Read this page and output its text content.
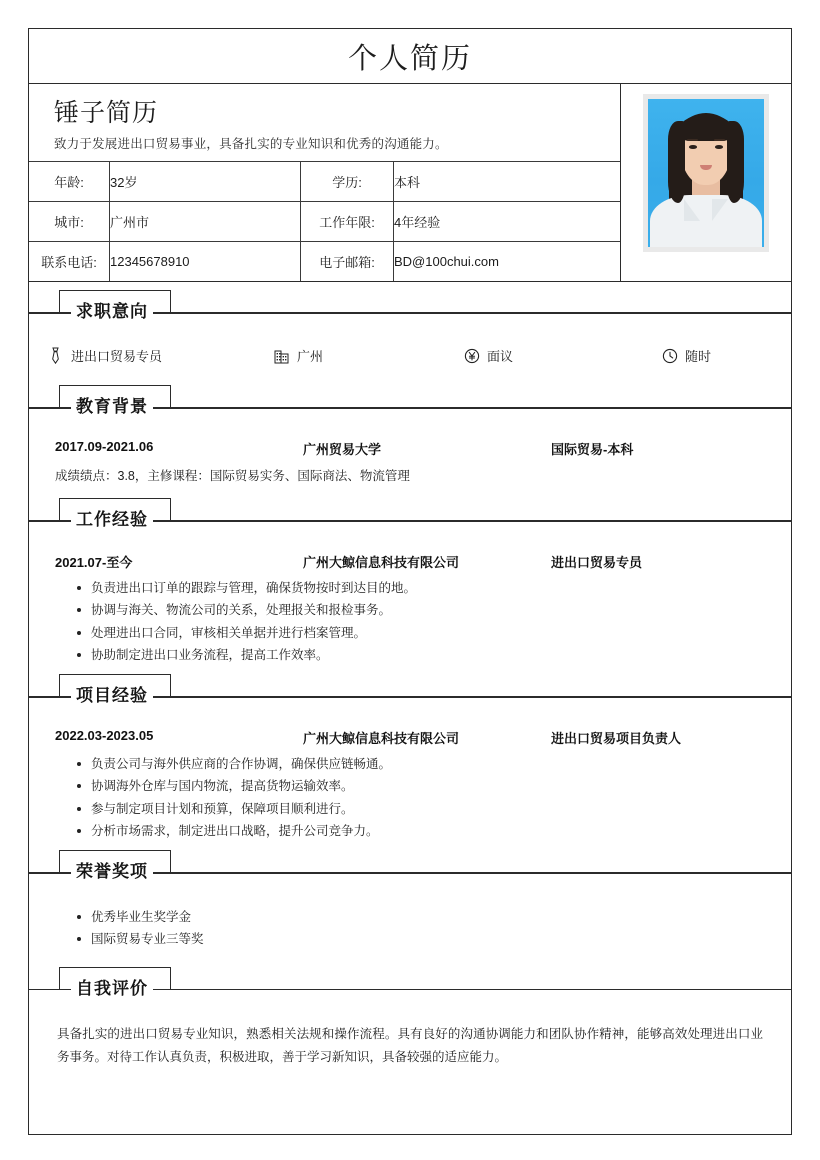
个人简历
锤子简历
致力于发展进出口贸易事业，具备扎实的专业知识和优秀的沟通能力。
年龄:	32岁	学历:	本科
城市:	广州市	工作年限:	4年经验
联系电话:	12345678910	电子邮箱:	BD@100chui.com
求职意向
进出口贸易专员	广州	面议	随时
教育背景
2017.09-2021.06	广州贸易大学	国际贸易-本科
成绩绩点：3.8，主修课程：国际贸易实务、国际商法、物流管理
工作经验
2021.07-至今	广州大鲸信息科技有限公司	进出口贸易专员
负责进出口订单的跟踪与管理，确保货物按时到达目的地。
协调与海关、物流公司的关系，处理报关和报检事务。
处理进出口合同，审核相关单据并进行档案管理。
协助制定进出口业务流程，提高工作效率。
项目经验
2022.03-2023.05	广州大鲸信息科技有限公司	进出口贸易项目负责人
负责公司与海外供应商的合作协调，确保供应链畅通。
协调海外仓库与国内物流，提高货物运输效率。
参与制定项目计划和预算，保障项目顺利进行。
分析市场需求，制定进出口战略，提升公司竞争力。
荣誉奖项
优秀毕业生奖学金
国际贸易专业三等奖
自我评价
具备扎实的进出口贸易专业知识，熟悉相关法规和操作流程。具有良好的沟通协调能力和团队协作精神，能够高效处理进出口业务事务。对待工作认真负责，积极进取，善于学习新知识，具备较强的适应能力。
